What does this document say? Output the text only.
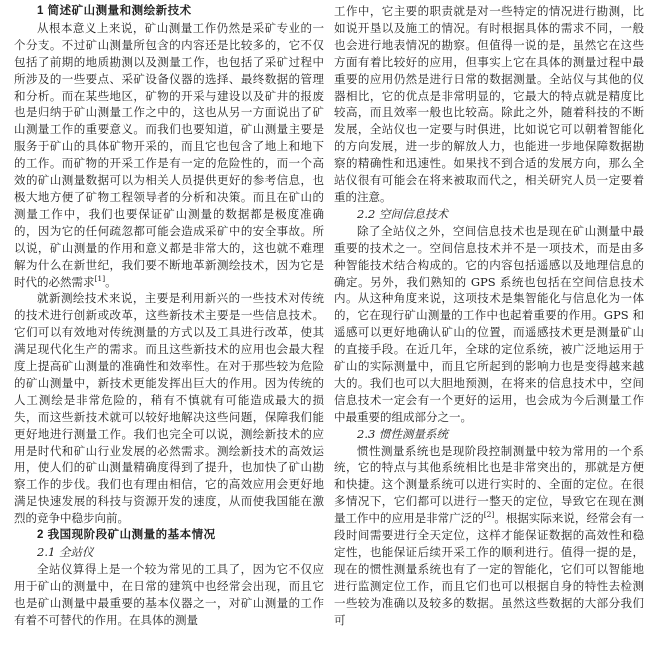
1 简述矿山测量和测绘新技术

从根本意义上来说，矿山测量工作仍然是采矿专业的一个分支。不过矿山测量所包含的内容还是比较多的，它不仅包括了前期的地质勘测以及测量工作，也包括了采矿过程中所涉及的一些要点、采矿设备仪器的选择、最终数据的管理和分析。而在某些地区，矿物的开采与建设以及矿井的报废也是归纳于矿山测量工作之中的，这也从另一方面说出了矿山测量工作的重要意义。而我们也要知道，矿山测量主要是服务于矿山的具体矿物开采的，而且它也包含了地上和地下的工作。而矿物的开采工作是有一定的危险性的，而一个高效的矿山测量数据可以为相关人员提供更好的参考信息，也极大地方便了矿物工程领导者的分析和决策。而且在矿山的测量工作中，我们也要保证矿山测量的数据都是极度准确的，因为它的任何疏忽都可能会造成采矿中的安全事故。所以说，矿山测量的作用和意义都是非常大的，这也就不难理解为什么在新世纪，我们要不断地革新测绘技术，因为它是时代的必然需求[1]。

就新测绘技术来说，主要是利用新兴的一些技术对传统的技术进行创新或改革，这些新技术主要是一些信息技术。它们可以有效地对传统测量的方式以及工具进行改革，使其满足现代化生产的需求。而且这些新技术的应用也会最大程度上提高矿山测量的准确性和效率性。在对于那些较为危险的矿山测量中，新技术更能发挥出巨大的作用。因为传统的人工测绘是非常危险的，稍有不慎就有可能造成最大的损失，而这些新技术就可以较好地解决这些问题，保障我们能更好地进行测量工作。我们也完全可以说，测绘新技术的应用是时代和矿山行业发展的必然需求。测绘新技术的高效运用，使人们的矿山测量精确度得到了提升，也加快了矿山勘察工作的步伐。我们也有理由相信，它的高效应用会更好地满足快速发展的科技与资源开发的速度，从而使我国能在激烈的竞争中稳步向前。

2 我国现阶段矿山测量的基本情况
2.1 全站仪

全站仪算得上是一个较为常见的工具了，因为它不仅应用于矿山的测量中，在日常的建筑中也经常会出现，而且它也是矿山测量中最重要的基本仪器之一，对矿山测量的工作有着不可替代的作用。在具体的测量

工作中，它主要的职责就是对一些特定的情况进行勘测，比如说开垦以及施工的情况。有时根据具体的需求不同，一般也会进行地表情况的勘察。但值得一说的是，虽然它在这些方面有着比较好的应用，但事实上它在具体的测量过程中最重要的应用仍然是进行日常的数据测量。全站仪与其他的仪器相比，它的优点是非常明显的，它最大的特点就是精度比较高，而且效率一般也比较高。除此之外，随着科技的不断发展，全站仪也一定要与时俱进，比如说它可以朝着智能化的方向发展，进一步的解放人力，也能进一步地保障数据勘察的精确性和迅速性。如果找不到合适的发展方向，那么全站仪很有可能会在将来被取而代之，相关研究人员一定要着重的注意。

2.2 空间信息技术

除了全站仪之外，空间信息技术也是现在矿山测量中最重要的技术之一。空间信息技术并不是一项技术，而是由多种智能技术结合构成的。它的内容包括遥感以及地理信息的确定。另外，我们熟知的 GPS 系统也包括在空间信息技术内。从这种角度来说，这项技术是集智能化与信息化为一体的，它在现行矿山测量的工作中也起着重要的作用。GPS 和遥感可以更好地确认矿山的位置，而遥感技术更是测量矿山的直接手段。在近几年，全球的定位系统，被广泛地运用于矿山的实际测量中，而且它所起到的影响力也是变得越来越大的。我们也可以大胆地预测，在将来的信息技术中，空间信息技术一定会有一个更好的运用，也会成为今后测量工作中最重要的组成部分之一。

2.3 惯性测量系统

惯性测量系统也是现阶段控制测量中较为常用的一个系统，它的特点与其他系统相比也是非常突出的，那就是方便和快捷。这个测量系统可以进行实时的、全面的定位。在很多情况下，它们都可以进行一整天的定位，导致它在现在测量工作中的应用是非常广泛的[2]。根据实际来说，经常会有一段时间需要进行全天定位，这样才能保证数据的高效性和稳定性，也能保证后续开采工作的顺利进行。值得一提的是，现在的惯性测量系统也有了一定的智能化，它们可以智能地进行监测定位工作，而且它们也可以根据自身的特性去检测一些较为准确以及较多的数据。虽然这些数据的大部分我们可
